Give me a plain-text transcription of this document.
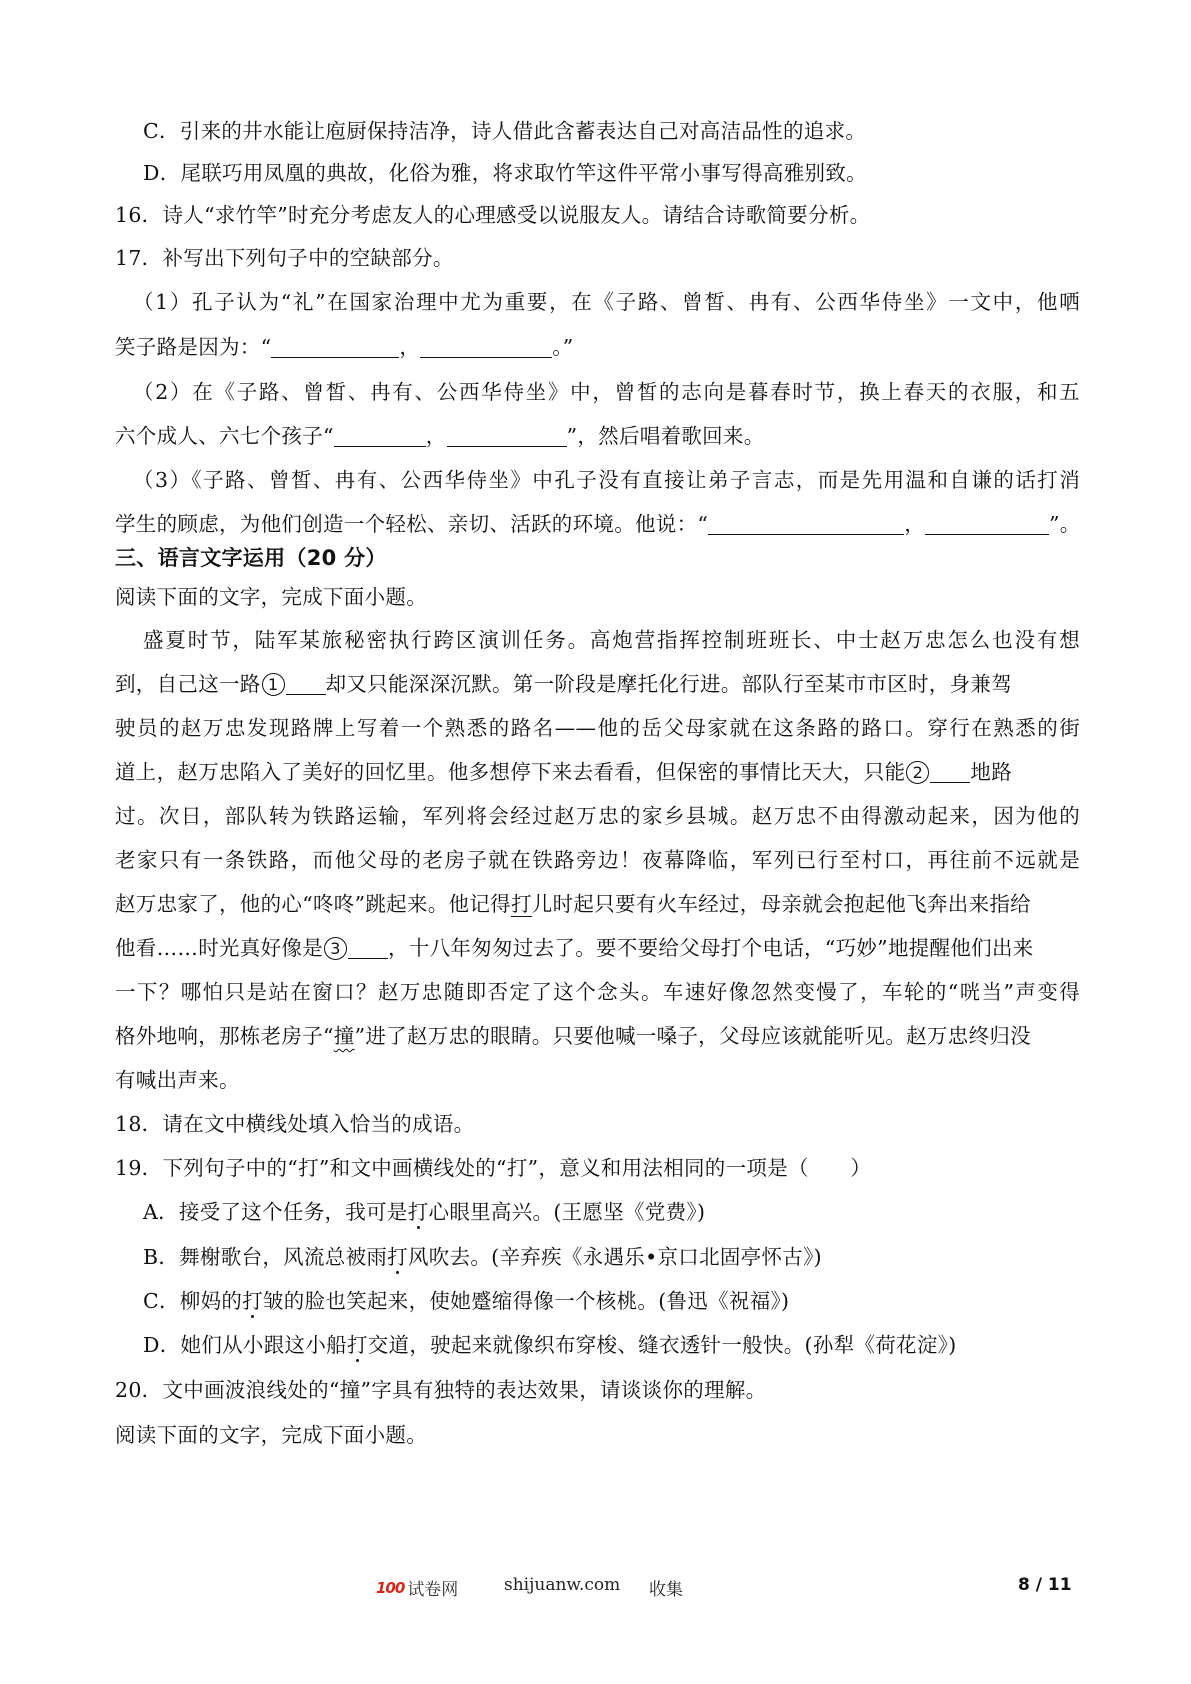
C．引来的井水能让庖厨保持洁净，诗人借此含蓄表达自己对高洁品性的追求。
D．尾联巧用凤凰的典故，化俗为雅，将求取竹竿这件平常小事写得高雅别致。
16．诗人“求竹竿”时充分考虑友人的心理感受以说服友人。请结合诗歌简要分析。
17．补写出下列句子中的空缺部分。
（1）孔子认为“礼”在国家治理中尤为重要，在《子路、曾皙、冉有、公西华侍坐》一文中，他哂
笑子路是因为：“	，	。”
（2）在《子路、曾皙、冉有、公西华侍坐》中，曾皙的志向是暮春时节，换上春天的衣服，和五
六个成人、六七个孩子“	，	”，然后唱着歌回来。
（3）《子路、曾皙、冉有、公西华侍坐》中孔子没有直接让弟子言志，而是先用温和自谦的话打消
学生的顾虑，为他们创造一个轻松、亲切、活跃的环境。他说：“	，	”。
三、语言文字运用（20 分）
阅读下面的文字，完成下面小题。
盛夏时节，陆军某旅秘密执行跨区演训任务。高炮营指挥控制班班长、中士赵万忠怎么也没有想
到，自己这一路 1 却又只能深深沉默。第一阶段是摩托化行进。部队行至某市市区时，身兼驾
驶员的赵万忠发现路牌上写着一个熟悉的路名——他的岳父母家就在这条路的路口。穿行在熟悉的街
道上，赵万忠陷入了美好的回忆里。他多想停下来去看看，但保密的事情比天大，只能 2 地路
过。次日，部队转为铁路运输，军列将会经过赵万忠的家乡县城。赵万忠不由得激动起来，因为他的
老家只有一条铁路，而他父母的老房子就在铁路旁边！夜幕降临，军列已行至村口，再往前不远就是
赵万忠家了，他的心“咚咚”跳起来。他记得打儿时起只要有火车经过，母亲就会抱起他飞奔出来指给
他看……时光真好像是 3 ，十八年匆匆过去了。要不要给父母打个电话，“巧妙”地提醒他们出来
一下？哪怕只是站在窗口？赵万忠随即否定了这个念头。车速好像忽然变慢了，车轮的“咣当”声变得
格外地响，那栋老房子“撞”进了赵万忠的眼睛。只要他喊一嗓子，父母应该就能听见。赵万忠终归没
有喊出声来。
18．请在文中横线处填入恰当的成语。
19．下列句子中的“打”和文中画横线处的“打”，意义和用法相同的一项是（　　）
A．接受了这个任务，我可是打心眼里高兴。(王愿坚《党费》)
B．舞榭歌台，风流总被雨打风吹去。(辛弃疾《永遇乐•京口北固亭怀古》)
C．柳妈的打皱的脸也笑起来，使她蹙缩得像一个核桃。(鲁迅《祝福》)
D．她们从小跟这小船打交道，驶起来就像织布穿梭、缝衣透针一般快。(孙犁《荷花淀》)
20．文中画波浪线处的“撞”字具有独特的表达效果，请谈谈你的理解。
阅读下面的文字，完成下面小题。
100 试卷网	shijuanw.com 收集	8 / 11
